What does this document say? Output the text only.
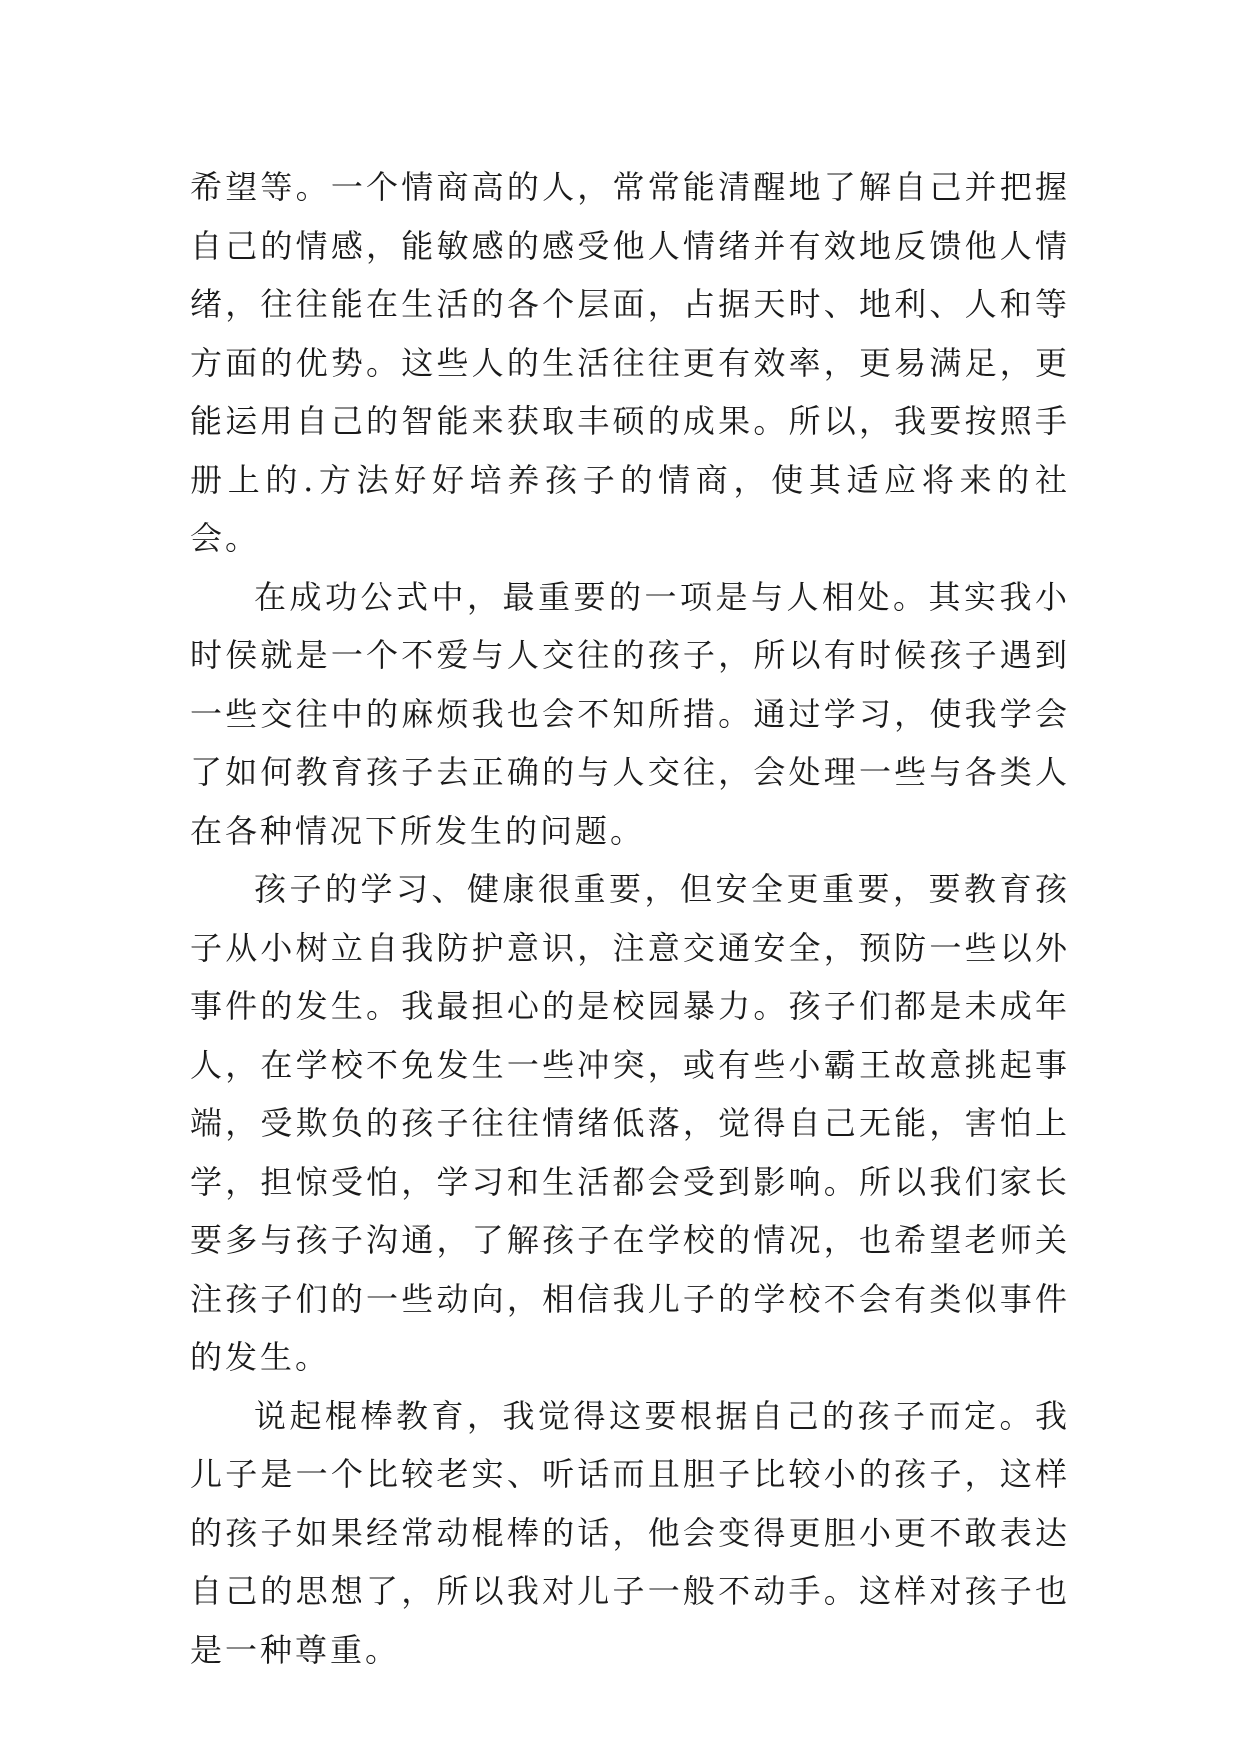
希望等。一个情商高的人，常常能清醒地了解自己并把握自己的情感，能敏感的感受他人情绪并有效地反馈他人情绪，往往能在生活的各个层面，占据天时、地利、人和等方面的优势。这些人的生活往往更有效率，更易满足，更能运用自己的智能来获取丰硕的成果。所以，我要按照手册上的.方法好好培养孩子的情商，使其适应将来的社会。

在成功公式中，最重要的一项是与人相处。其实我小时侯就是一个不爱与人交往的孩子，所以有时候孩子遇到一些交往中的麻烦我也会不知所措。通过学习，使我学会了如何教育孩子去正确的与人交往，会处理一些与各类人在各种情况下所发生的问题。

孩子的学习、健康很重要，但安全更重要，要教育孩子从小树立自我防护意识，注意交通安全，预防一些以外事件的发生。我最担心的是校园暴力。孩子们都是未成年人，在学校不免发生一些冲突，或有些小霸王故意挑起事端，受欺负的孩子往往情绪低落，觉得自己无能，害怕上学，担惊受怕，学习和生活都会受到影响。所以我们家长要多与孩子沟通，了解孩子在学校的情况，也希望老师关注孩子们的一些动向，相信我儿子的学校不会有类似事件的发生。

说起棍棒教育，我觉得这要根据自己的孩子而定。我儿子是一个比较老实、听话而且胆子比较小的孩子，这样的孩子如果经常动棍棒的话，他会变得更胆小更不敢表达自己的思想了，所以我对儿子一般不动手。这样对孩子也是一种尊重。
